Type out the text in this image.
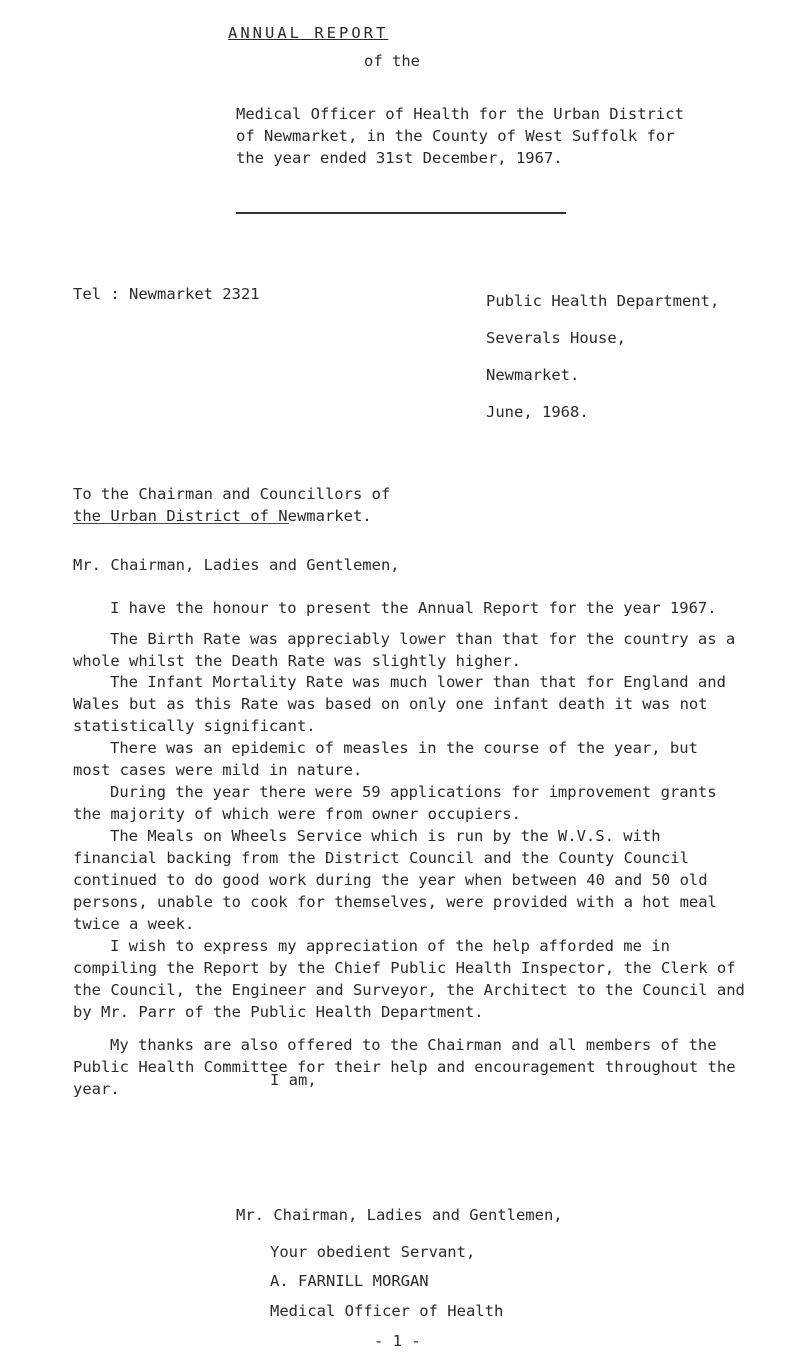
ANNUAL REPORT
of the
Medical Officer of Health for the Urban District
of Newmarket, in the County of West Suffolk for
the year ended 31st December, 1967.
Tel : Newmarket 2321	Public Health Department,
Severals House,
Newmarket.
June, 1968.
To the Chairman and Councillors of
the Urban District of Newmarket.
Mr. Chairman, Ladies and Gentlemen,

I have the honour to present the Annual Report for the year 1967.

The Birth Rate was appreciably lower than that for the country as a
whole whilst the Death Rate was slightly higher.

The Infant Mortality Rate was much lower than that for England and
Wales but as this Rate was based on only one infant death it was not
statistically significant.

There was an epidemic of measles in the course of the year, but
most cases were mild in nature.

During the year there were 59 applications for improvement grants
the majority of which were from owner occupiers.

The Meals on Wheels Service which is run by the W.V.S. with
financial backing from the District Council and the County Council
continued to do good work during the year when between 40 and 50 old
persons, unable to cook for themselves, were provided with a hot meal
twice a week.

I wish to express my appreciation of the help afforded me in
compiling the Report by the Chief Public Health Inspector, the Clerk of
the Council, the Engineer and Surveyor, the Architect to the Council and
by Mr. Parr of the Public Health Department.

My thanks are also offered to the Chairman and all members of the
Public Health Committee for their help and encouragement throughout the
year.	I am,
Mr. Chairman, Ladies and Gentlemen,
Your obedient Servant,
- 1 -
A. FARNILL MORGAN
Medical Officer of Health
